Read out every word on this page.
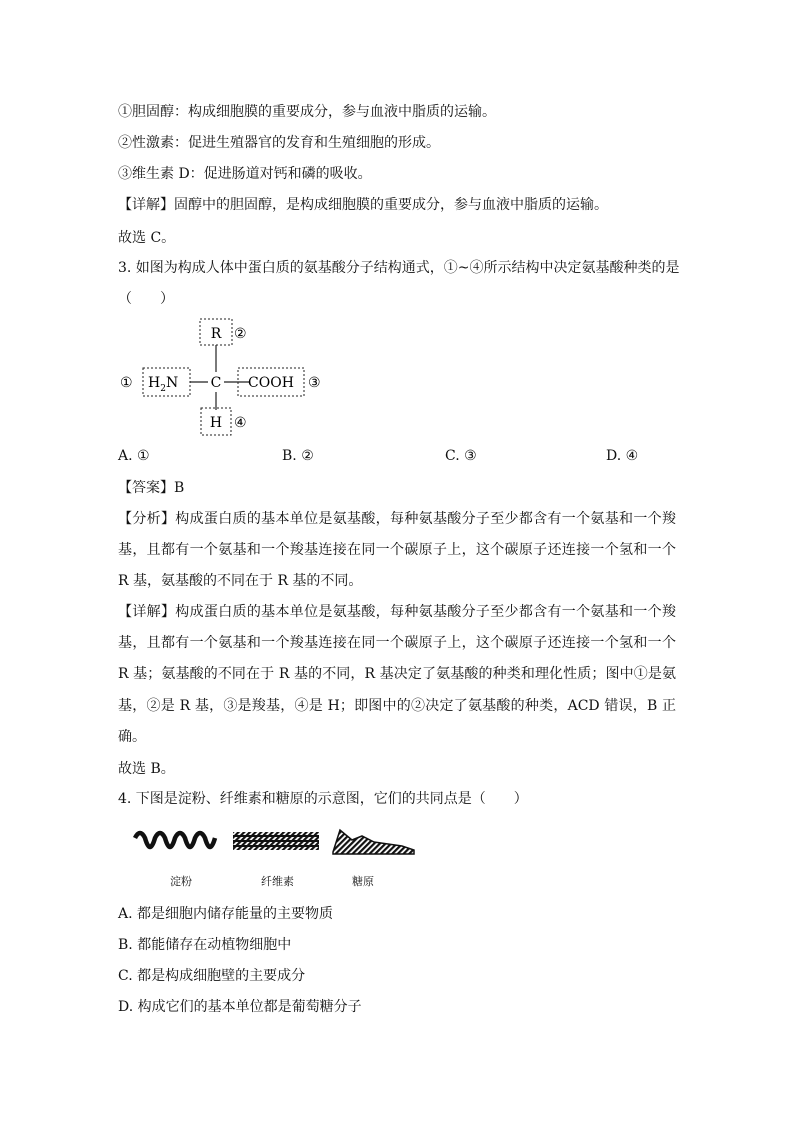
①胆固醇：构成细胞膜的重要成分，参与血液中脂质的运输。
②性激素：促进生殖器官的发育和生殖细胞的形成。
③维生素 D：促进肠道对钙和磷的吸收。
【详解】固醇中的胆固醇，是构成细胞膜的重要成分，参与血液中脂质的运输。
故选 C。
3. 如图为构成人体中蛋白质的氨基酸分子结构通式，①~④所示结构中决定氨基酸种类的是
（　　）
R ②
C
$H_2N$
①	COOH ③
H ④
A. ①	B. ②	C. ③	D. ④
【答案】B
【分析】构成蛋白质的基本单位是氨基酸，每种氨基酸分子至少都含有一个氨基和一个羧
基，且都有一个氨基和一个羧基连接在同一个碳原子上，这个碳原子还连接一个氢和一个
R 基，氨基酸的不同在于 R 基的不同。
【详解】构成蛋白质的基本单位是氨基酸，每种氨基酸分子至少都含有一个氨基和一个羧
基，且都有一个氨基和一个羧基连接在同一个碳原子上，这个碳原子还连接一个氢和一个
R 基；氨基酸的不同在于 R 基的不同，R 基决定了氨基酸的种类和理化性质；图中①是氨
基，②是 R 基，③是羧基，④是 H；即图中的②决定了氨基酸的种类，ACD 错误，B 正
确。
故选 B。
4. 下图是淀粉、纤维素和糖原的示意图，它们的共同点是（　　）
淀粉	纤维素	糖原
A. 都是细胞内储存能量的主要物质
B. 都能储存在动植物细胞中
C. 都是构成细胞壁的主要成分
D. 构成它们的基本单位都是葡萄糖分子
